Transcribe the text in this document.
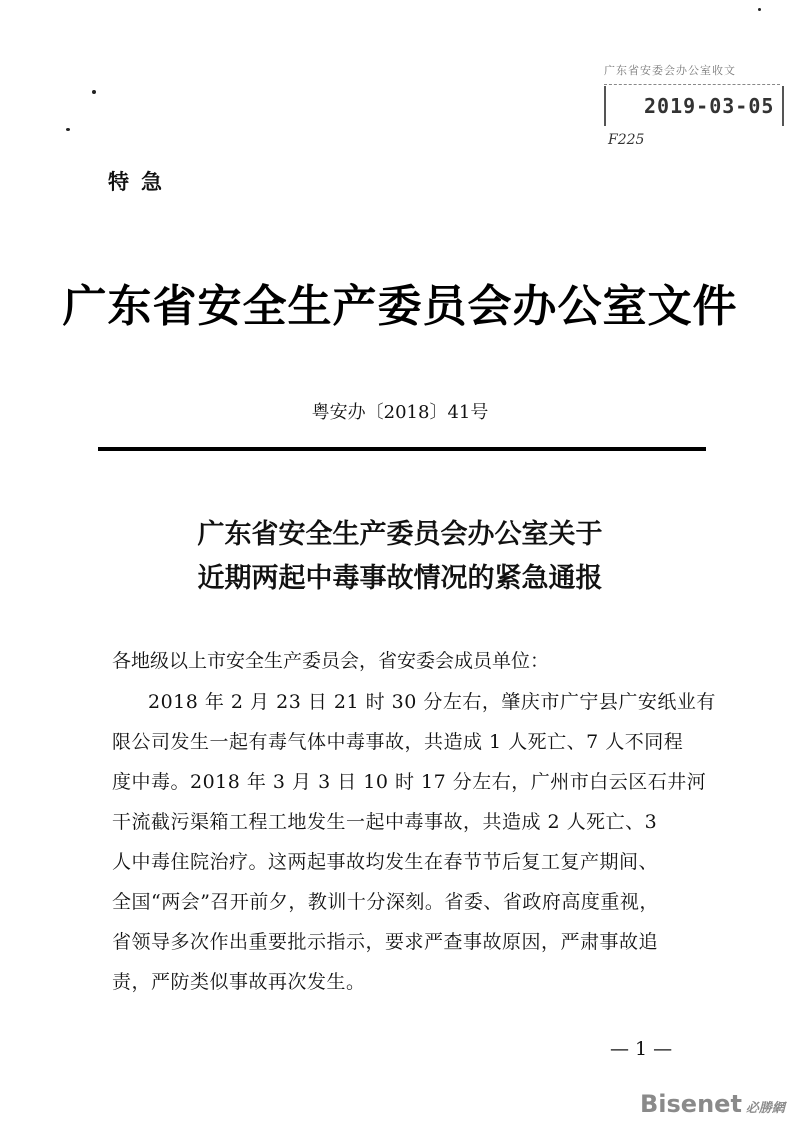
广东省安委会办公室收文
2019-03-05
F225
特急
广东省安全生产委员会办公室文件
粤安办〔2018〕41号
广东省安全生产委员会办公室关于
近期两起中毒事故情况的紧急通报
各地级以上市安全生产委员会，省安委会成员单位：
2018 年 2 月 23 日 21 时 30 分左右，肇庆市广宁县广安纸业有
限公司发生一起有毒气体中毒事故，共造成 1 人死亡、7 人不同程
度中毒。2018 年 3 月 3 日 10 时 17 分左右，广州市白云区石井河
干流截污渠箱工程工地发生一起中毒事故，共造成 2 人死亡、3
人中毒住院治疗。这两起事故均发生在春节节后复工复产期间、
全国“两会”召开前夕，教训十分深刻。省委、省政府高度重视，
省领导多次作出重要批示指示，要求严查事故原因，严肃事故追
责，严防类似事故再次发生。
— 1 —
Bisenet 必勝網
